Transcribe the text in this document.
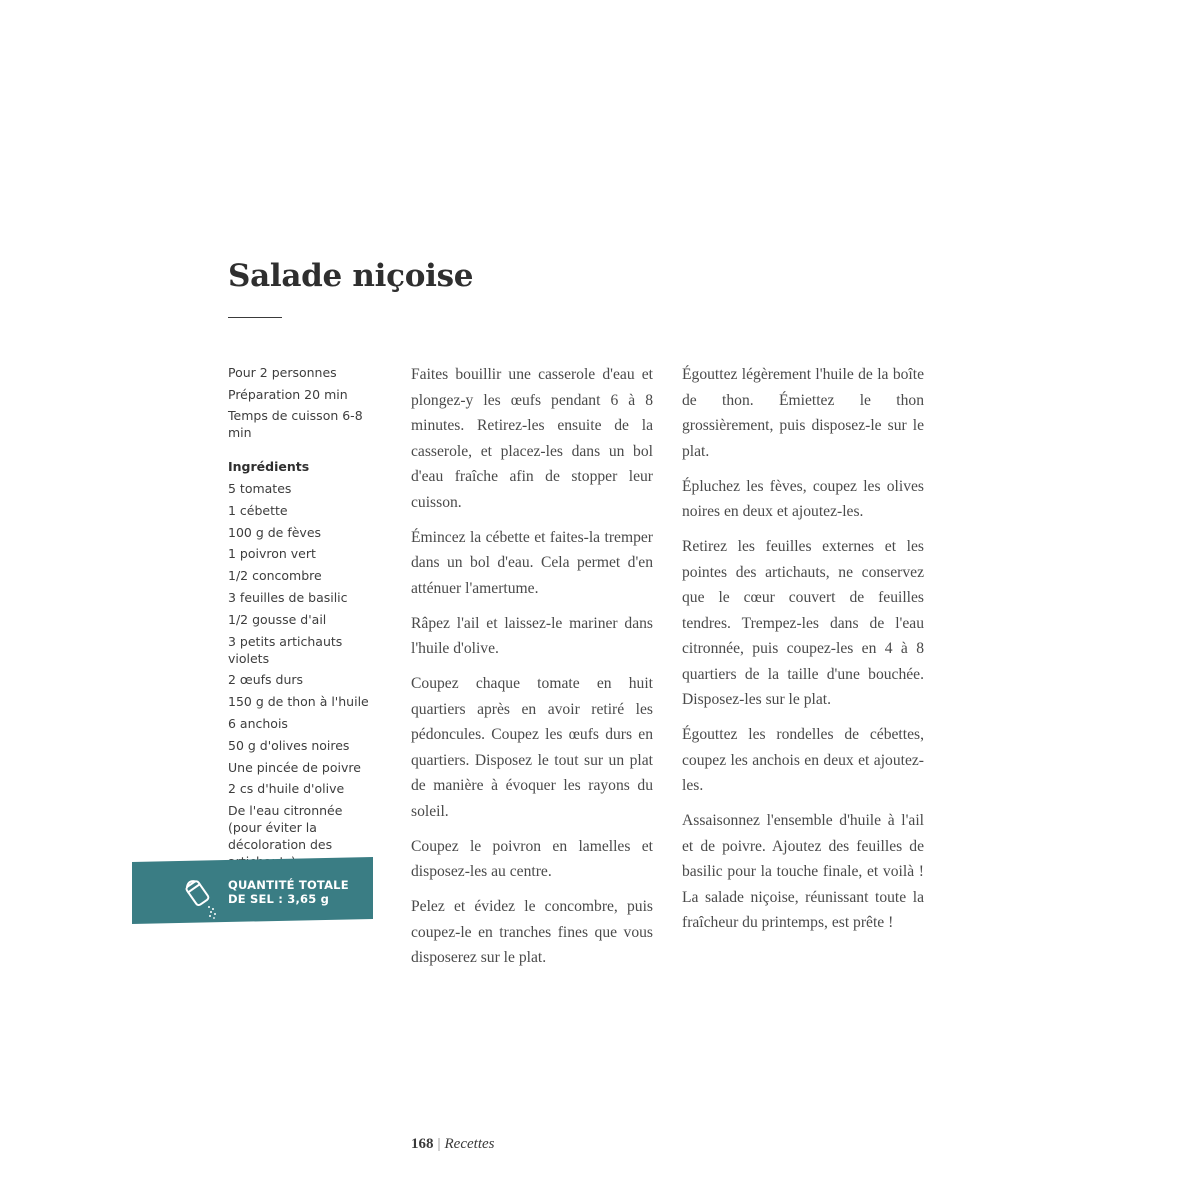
Salade niçoise

Pour 2 personnes

Préparation 20 min

Temps de cuisson 6-8 min

Ingrédients

5 tomates
1 cébette
100 g de fèves
1 poivron vert
1/2 concombre
3 feuilles de basilic
1/2 gousse d'ail
3 petits artichauts violets
2 œufs durs
150 g de thon à l'huile
6 anchois
50 g d'olives noires
Une pincée de poivre
2 cs d'huile d'olive
De l'eau citronnée (pour éviter la décoloration des
QUANTITÉ TOTALE DE SEL : 3,65 g

Faites bouillir une casserole d'eau et plongez-y les œufs pendant 6 à 8 minutes. Retirez-les ensuite de la casserole, et placez-les dans un bol d'eau fraîche afin de stopper leur cuisson.

Émincez la cébette et faites-la tremper dans un bol d'eau. Cela permet d'en atténuer l'amertume.

Râpez l'ail et laissez-le mariner dans l'huile d'olive.

Coupez chaque tomate en huit quartiers après en avoir retiré les pédoncules. Coupez les œufs durs en quartiers. Disposez le tout sur un plat de manière à évoquer les rayons du soleil.

Coupez le poivron en lamelles et disposez-les au centre.

Pelez et évidez le concombre, puis coupez-le en tranches fines que vous disposerez sur le plat.

Égouttez légèrement l'huile de la boîte de thon. Émiettez le thon grossièrement, puis disposez-le sur le plat.

Épluchez les fèves, coupez les olives noires en deux et ajoutez-les.

Retirez les feuilles externes et les pointes des artichauts, ne conservez que le cœur couvert de feuilles tendres. Trempez-les dans de l'eau citronnée, puis coupez-les en 4 à 8 quartiers de la taille d'une bouchée. Disposez-les sur le plat.

Égouttez les rondelles de cébettes, coupez les anchois en deux et ajoutez-les.

Assaisonnez l'ensemble d'huile à l'ail et de poivre. Ajoutez des feuilles de basilic pour la touche finale, et voilà ! La salade niçoise, réunissant toute la fraîcheur du printemps, est prête !

168 | Recettes
